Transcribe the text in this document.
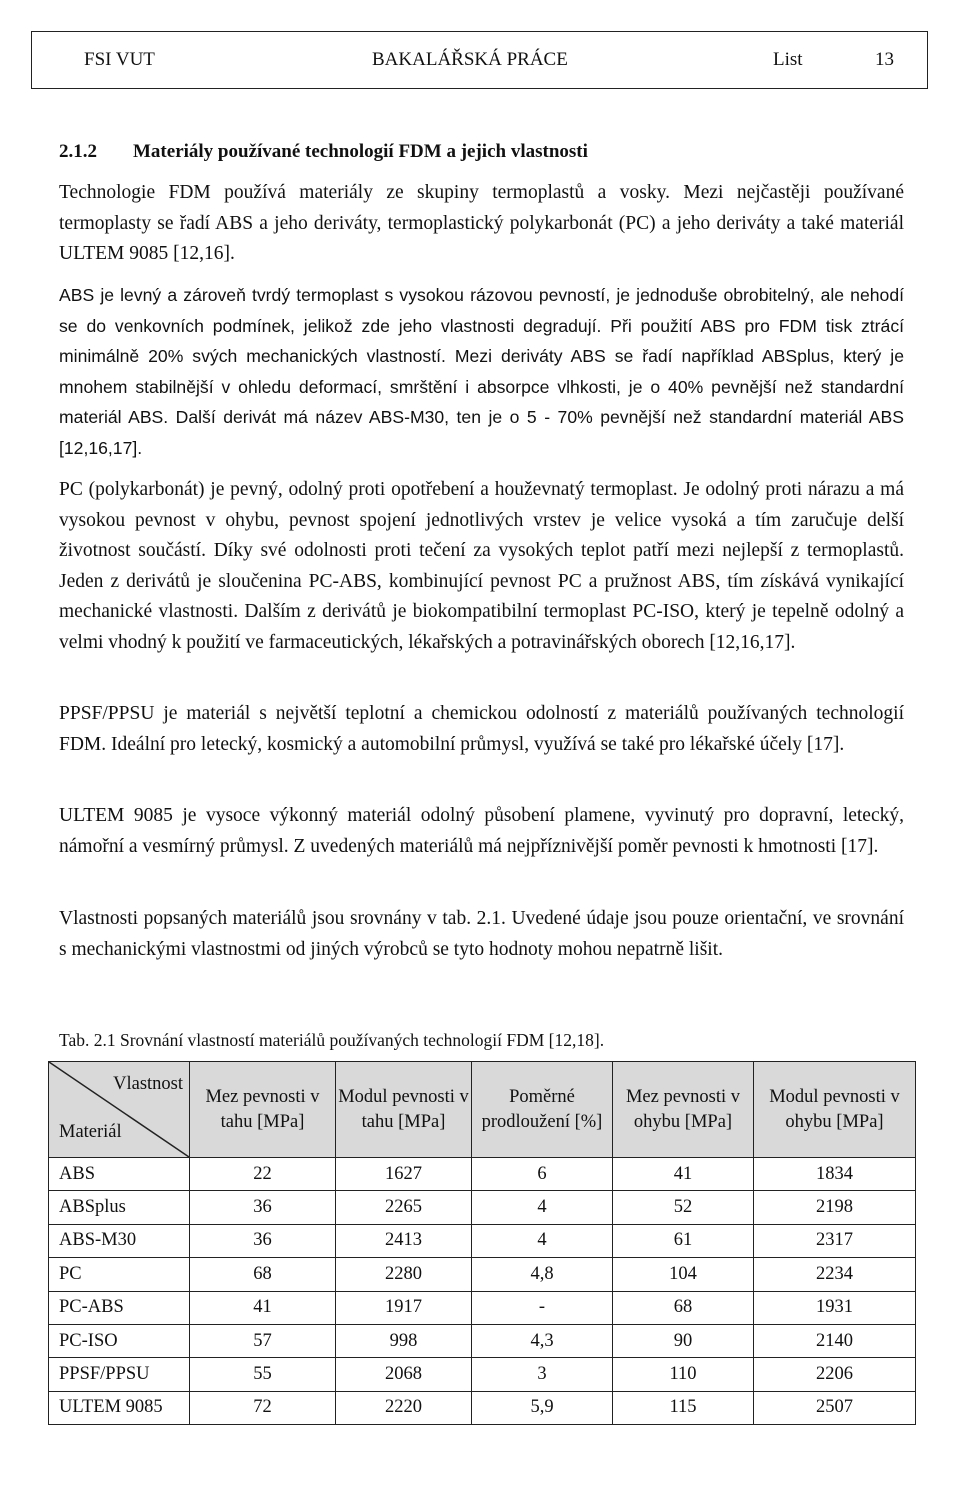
FSI VUT	BAKALÁŘSKÁ PRÁCE	List	13
2.1.2 Materiály používané technologií FDM a jejich vlastnosti

Technologie FDM používá materiály ze skupiny termoplastů a vosky. Mezi nejčastěji používané termoplasty se řadí ABS a jeho deriváty, termoplastický polykarbonát (PC) a jeho deriváty a také materiál ULTEM 9085 [12,16].

ABS je levný a zároveň tvrdý termoplast s vysokou rázovou pevností, je jednoduše obrobitelný, ale nehodí se do venkovních podmínek, jelikož zde jeho vlastnosti degradují. Při použití ABS pro FDM tisk ztrácí minimálně 20% svých mechanických vlastností. Mezi deriváty ABS se řadí například ABSplus, který je mnohem stabilnější v ohledu deformací, smrštění i absorpce vlhkosti, je o 40% pevnější než standardní materiál ABS. Další derivát má název ABS-M30, ten je o 5 - 70% pevnější než standardní materiál ABS [12,16,17].

PC (polykarbonát) je pevný, odolný proti opotřebení a houževnatý termoplast. Je odolný proti nárazu a má vysokou pevnost v ohybu, pevnost spojení jednotlivých vrstev je velice vysoká a tím zaručuje delší životnost součástí. Díky své odolnosti proti tečení za vysokých teplot patří mezi nejlepší z termoplastů. Jeden z derivátů je sloučenina PC-ABS, kombinující pevnost PC a pružnost ABS, tím získává vynikající mechanické vlastnosti. Dalším z derivátů je biokompatibilní termoplast PC-ISO, který je tepelně odolný a velmi vhodný k použití ve farmaceutických, lékařských a potravinářských oborech [12,16,17].

PPSF/PPSU je materiál s největší teplotní a chemickou odolností z materiálů používaných technologií FDM. Ideální pro letecký, kosmický a automobilní průmysl, využívá se také pro lékařské účely [17].

ULTEM 9085 je vysoce výkonný materiál odolný působení plamene, vyvinutý pro dopravní, letecký, námořní a vesmírný průmysl. Z uvedených materiálů má nejpříznivější poměr pevnosti k hmotnosti [17].

Vlastnosti popsaných materiálů jsou srovnány v tab. 2.1. Uvedené údaje jsou pouze orientační, ve srovnání s mechanickými vlastnostmi od jiných výrobců se tyto hodnoty mohou nepatrně lišit.

Tab. 2.1 Srovnání vlastností materiálů používaných technologií FDM [12,18].
Vlastnost
Materiál	Mez pevnosti v tahu [MPa]	Modul pevnosti v tahu [MPa]	Poměrné prodloužení [%]	Mez pevnosti v ohybu [MPa]	Modul pevnosti v ohybu [MPa]
ABS	22	1627	6	41	1834
ABSplus	36	2265	4	52	2198
ABS-M30	36	2413	4	61	2317
PC	68	2280	4,8	104	2234
PC-ABS	41	1917	-	68	1931
PC-ISO	57	998	4,3	90	2140
PPSF/PPSU	55	2068	3	110	2206
ULTEM 9085	72	2220	5,9	115	2507
